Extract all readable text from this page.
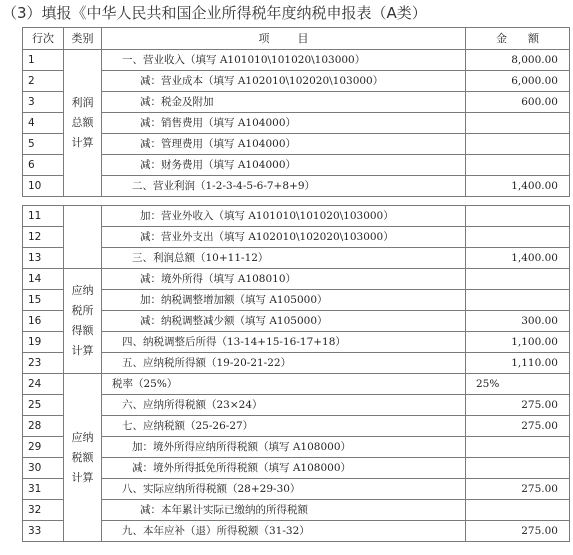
（3）填报《中华人民共和国企业所得税年度纳税申报表（A类）
行次	类别	项        目	金      额
1	利润总额计算	一、营业收入（填写 A101010\101020\103000）	8,000.00
2		减：营业成本（填写 A102010\102020\103000）	6,000.00
3		减：税金及附加	600.00
4		减：销售费用（填写 A104000）	
5		减：管理费用（填写 A104000）	
6		减：财务费用（填写 A104000）	
10		二、营业利润（1-2-3-4-5-6-7+8+9）	1,400.00
11		加：营业外收入（填写 A101010\101020\103000）	
12		减：营业外支出（填写 A102010\102020\103000）	
13		三、利润总额（10+11-12）	1,400.00
14	应纳税所得额计算	减：境外所得（填写 A108010）	
15		加：纳税调整增加额（填写 A105000）	
16		减：纳税调整减少额（填写 A105000）	300.00
19		四、纳税调整后所得（13-14+15-16-17+18）	1,100.00
23		五、应纳税所得额（19-20-21-22）	1,110.00
24	应纳税额计算	税率（25%）	25%
25		六、应纳所得税额（23×24）	275.00
28		七、应纳税额（25-26-27）	275.00
29		加：境外所得应纳所得税额（填写 A108000）	
30		减：境外所得抵免所得税额（填写 A108000）	
31		八、实际应纳所得税额（28+29-30）	275.00
32		减：本年累计实际已缴纳的所得税额	
33		九、本年应补（退）所得税额（31-32）	275.00
